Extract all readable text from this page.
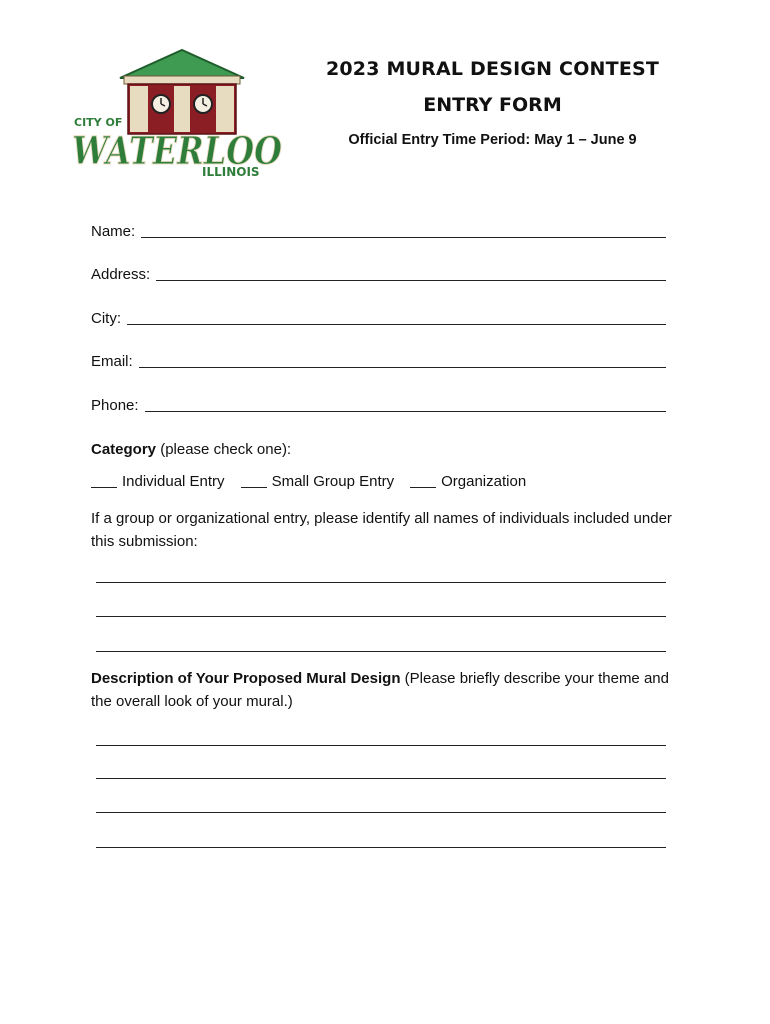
CITY OF
WATERLOO
ILLINOIS

2023 MURAL DESIGN CONTEST

ENTRY FORM

Official Entry Time Period: May 1 – June 9

Name:
Address:
City:
Email:
Phone:
Category (please check one):
Individual Entry	Small Group Entry	Organization
If a group or organizational entry, please identify all names of individuals included under this submission:
Description of Your Proposed Mural Design (Please briefly describe your theme and the overall look of your mural.)
